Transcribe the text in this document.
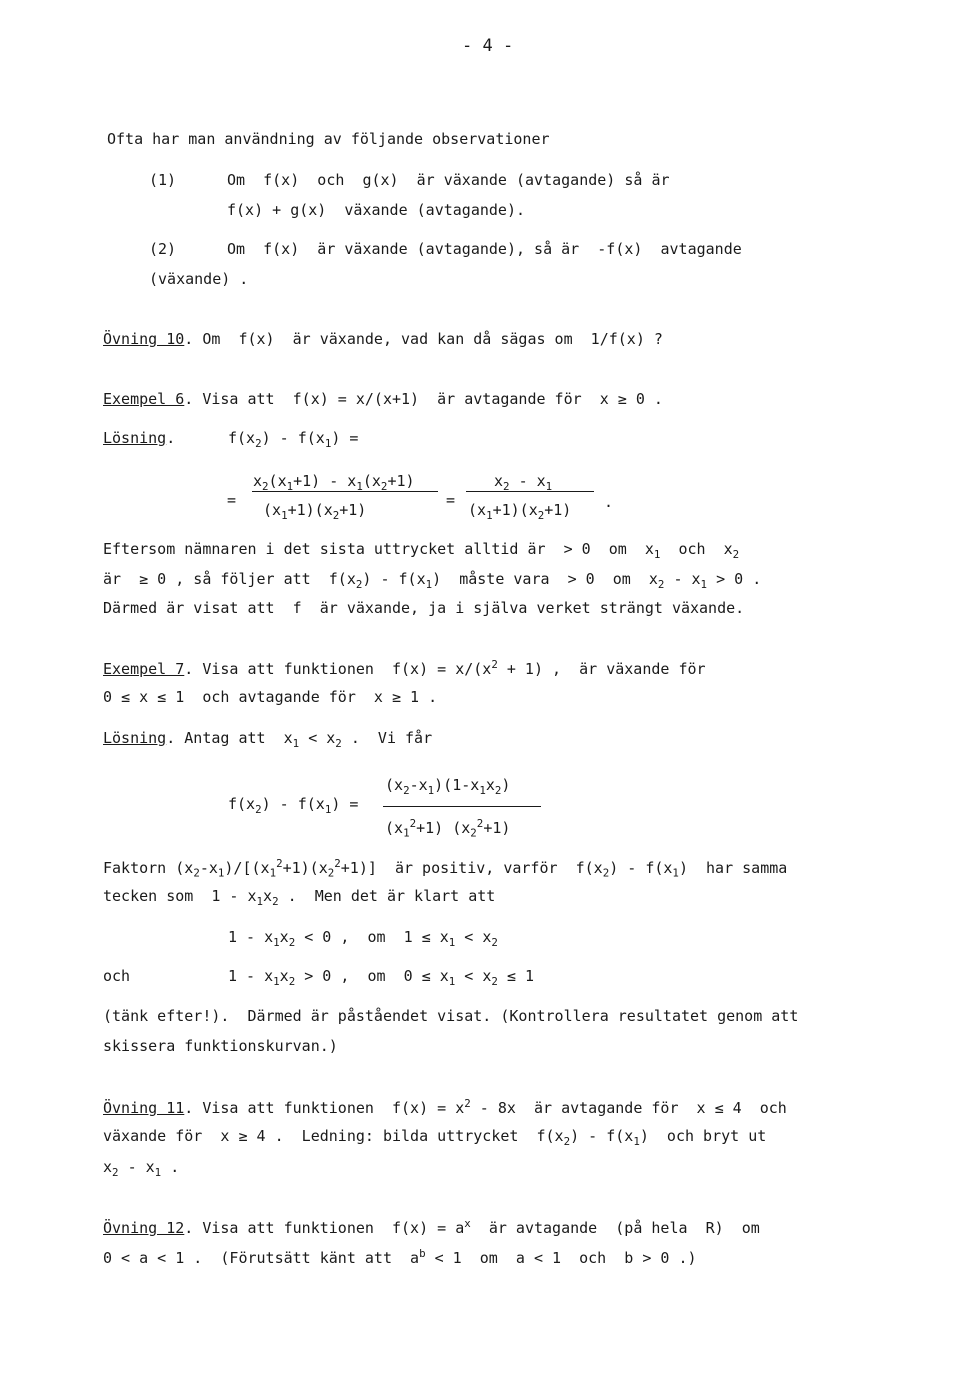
- 4 -
Ofta har man användning av följande observationer
(1)	Om  f(x)  och  g(x)  är växande (avtagande) så är
f(x) + g(x)  växande (avtagande).
(2)	Om  f(x)  är växande (avtagande), så är  -f(x)  avtagande
(växande) .
Övning 10. Om  f(x)  är växande, vad kan då sägas om  1/f(x) ?
Exempel 6. Visa att  f(x) = x/(x+1)  är avtagande för  x ≥ 0 .
Lösning.	$f(x_2) - f(x_1)$ =
=
$x_2(x_1+1) - x_1(x_2+1)$
$(x_1+1)(x_2+1)$
=
$x_2 - x_1$
$(x_1+1)(x_2+1)$ .
Eftersom nämnaren i det sista uttrycket alltid är  > 0  om  $x_1$  och  $x_2$
är  ≥ 0 , så följer att  $f(x_2) - f(x_1)$  måste vara  > 0  om  $x_2 - x_1 > 0$ .
Därmed är visat att  f  är växande, ja i själva verket strängt växande.
Exempel 7. Visa att funktionen  $f(x) = x/(x^2 + 1)$ ,  är växande för
0 ≤ x ≤ 1  och avtagande för  x ≥ 1 .
Lösning. Antag att  $x_1 < x_2$ .  Vi får
$f(x_2) - f(x_1)$ =
$(x_2-x_1)(1-x_1x_2)$
$(x_1^2+1)$ $(x_2^2+1)$
Faktorn $(x_2-x_1)/[(x_1^2+1)(x_2^2+1)]$  är positiv, varför  $f(x_2) - f(x_1)$  har samma
tecken som  $1 - x_1x_2$ .  Men det är klart att
$1 - x_1x_2 < 0$ ,  om  $1 \le x_1 < x_2$
och	$1 - x_1x_2 > 0$ ,  om  $0 \le x_1 < x_2 \le 1$
(tänk efter!).  Därmed är påståendet visat. (Kontrollera resultatet genom att
skissera funktionskurvan.)
Övning 11. Visa att funktionen  $f(x) = x^2 - 8x$  är avtagande för  x ≤ 4  och
växande för  x ≥ 4 .  Ledning: bilda uttrycket  $f(x_2) - f(x_1)$  och bryt ut
$x_2 - x_1$ .
Övning 12. Visa att funktionen  $f(x) = a^x$  är avtagande  (på hela  R)  om
0 < a < 1 .  (Förutsätt känt att  $a^b < 1$  om  a < 1  och  b > 0 .)
